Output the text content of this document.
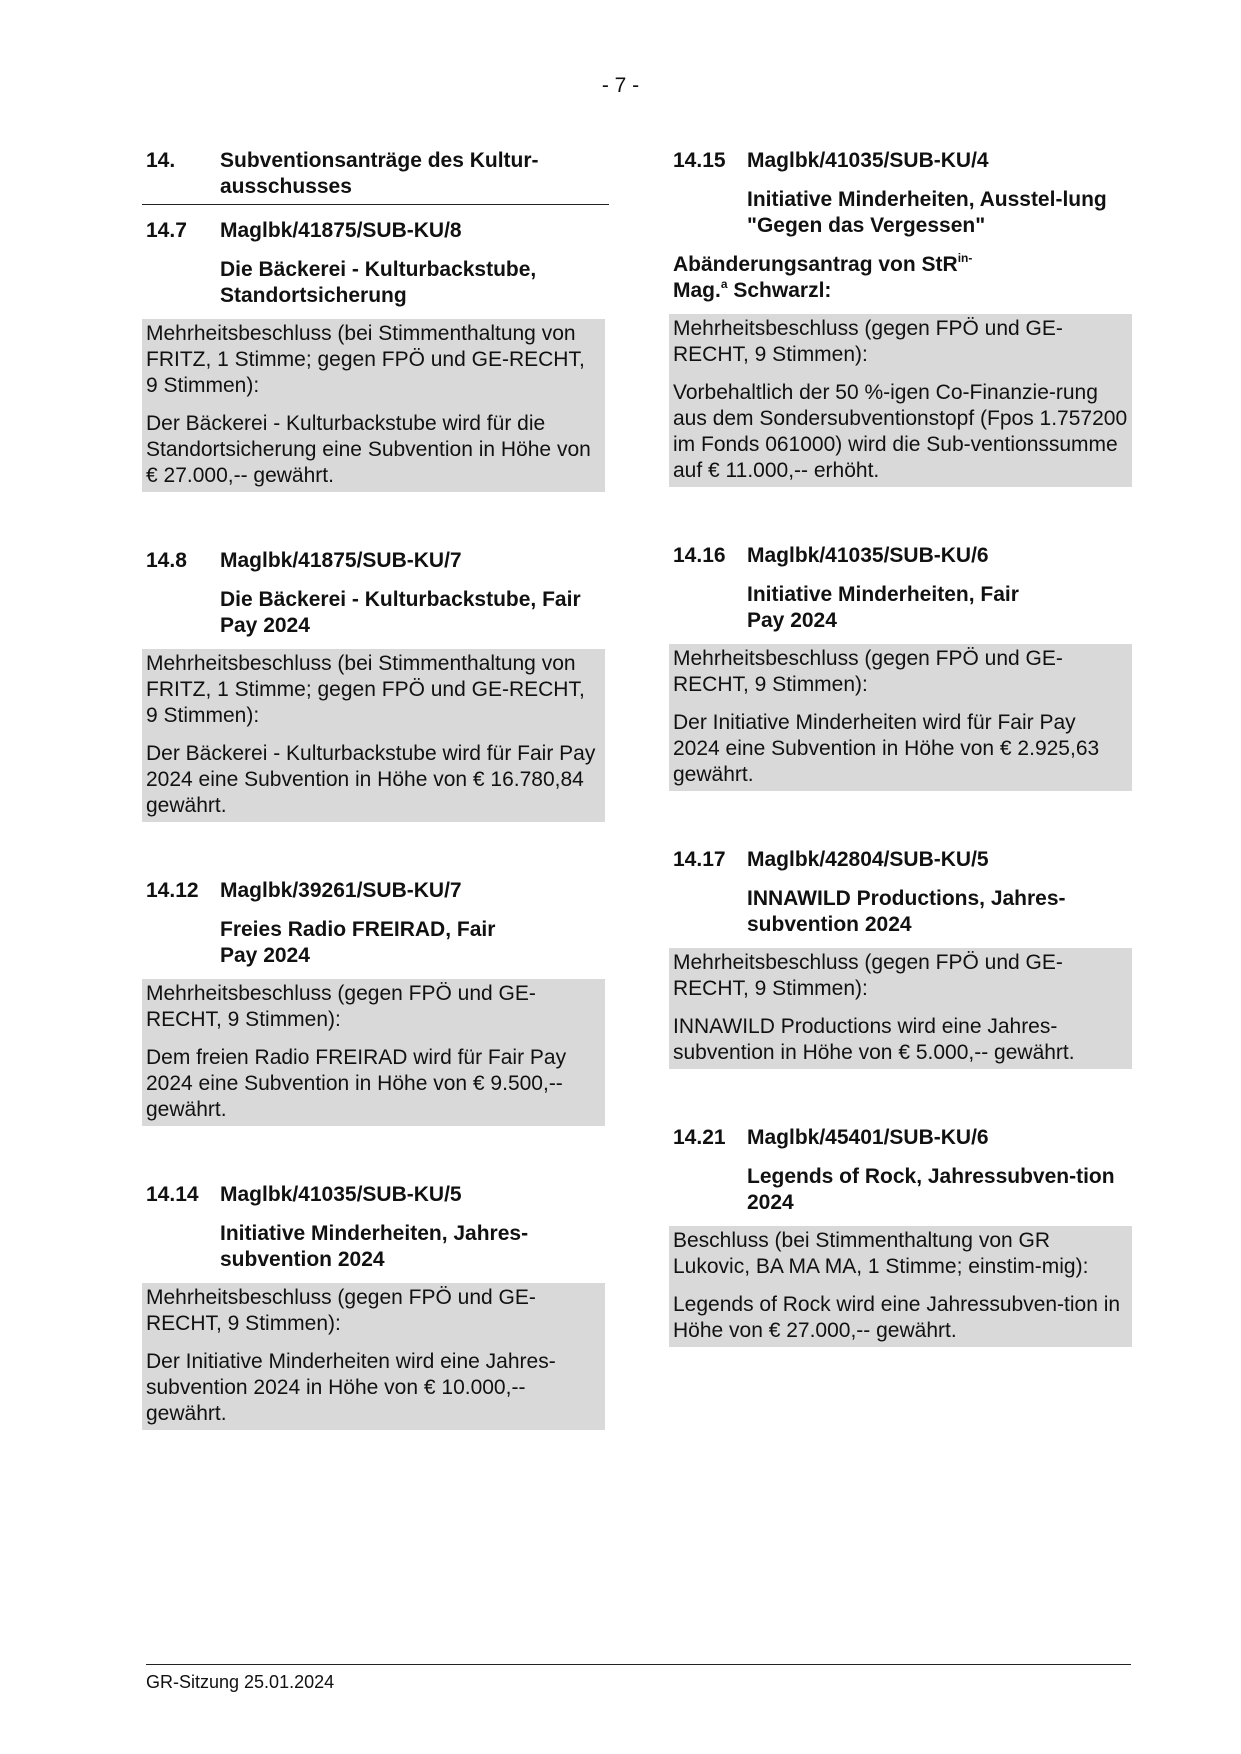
- 7 -
14.	Subventionsanträge des Kultur-
ausschusses
14.7	Maglbk/41875/SUB-KU/8
Die Bäckerei - Kulturbackstube, Standortsicherung

Mehrheitsbeschluss (bei Stimmenthaltung von FRITZ, 1 Stimme; gegen FPÖ und GE-RECHT, 9 Stimmen):

Der Bäckerei - Kulturbackstube wird für die Standortsicherung eine Subvention in Höhe von € 27.000,-- gewährt.

14.8	Maglbk/41875/SUB-KU/7
Die Bäckerei - Kulturbackstube, Fair Pay 2024

Mehrheitsbeschluss (bei Stimmenthaltung von FRITZ, 1 Stimme; gegen FPÖ und GE-RECHT, 9 Stimmen):

Der Bäckerei - Kulturbackstube wird für Fair Pay 2024 eine Subvention in Höhe von € 16.780,84 gewährt.

14.12	Maglbk/39261/SUB-KU/7
Freies Radio FREIRAD, Fair Pay 2024

Mehrheitsbeschluss (gegen FPÖ und GE-RECHT, 9 Stimmen):

Dem freien Radio FREIRAD wird für Fair Pay 2024 eine Subvention in Höhe von € 9.500,-- gewährt.

14.14	Maglbk/41035/SUB-KU/5
Initiative Minderheiten, Jahres-subvention 2024

Mehrheitsbeschluss (gegen FPÖ und GE-RECHT, 9 Stimmen):

Der Initiative Minderheiten wird eine Jahres-subvention 2024 in Höhe von € 10.000,-- gewährt.

14.15	Maglbk/41035/SUB-KU/4
Initiative Minderheiten, Ausstel-lung "Gegen das Vergessen"
Abänderungsantrag von StR$^{in-}$
Mag.$^a$ Schwarzl:

Mehrheitsbeschluss (gegen FPÖ und GE-RECHT, 9 Stimmen):

Vorbehaltlich der 50 %-igen Co-Finanzie-rung aus dem Sondersubventionstopf (Fpos 1.757200 im Fonds 061000) wird die Sub-ventionssumme auf € 11.000,-- erhöht.

14.16	Maglbk/41035/SUB-KU/6
Initiative Minderheiten, Fair Pay 2024

Mehrheitsbeschluss (gegen FPÖ und GE-RECHT, 9 Stimmen):

Der Initiative Minderheiten wird für Fair Pay 2024 eine Subvention in Höhe von € 2.925,63 gewährt.

14.17	Maglbk/42804/SUB-KU/5
INNAWILD Productions, Jahres-subvention 2024

Mehrheitsbeschluss (gegen FPÖ und GE-RECHT, 9 Stimmen):

INNAWILD Productions wird eine Jahres-subvention in Höhe von € 5.000,-- gewährt.

14.21	Maglbk/45401/SUB-KU/6
Legends of Rock, Jahressubven-tion 2024

Beschluss (bei Stimmenthaltung von GR Lukovic, BA MA MA, 1 Stimme; einstim-mig):

Legends of Rock wird eine Jahressubven-tion in Höhe von € 27.000,-- gewährt.

GR-Sitzung 25.01.2024
